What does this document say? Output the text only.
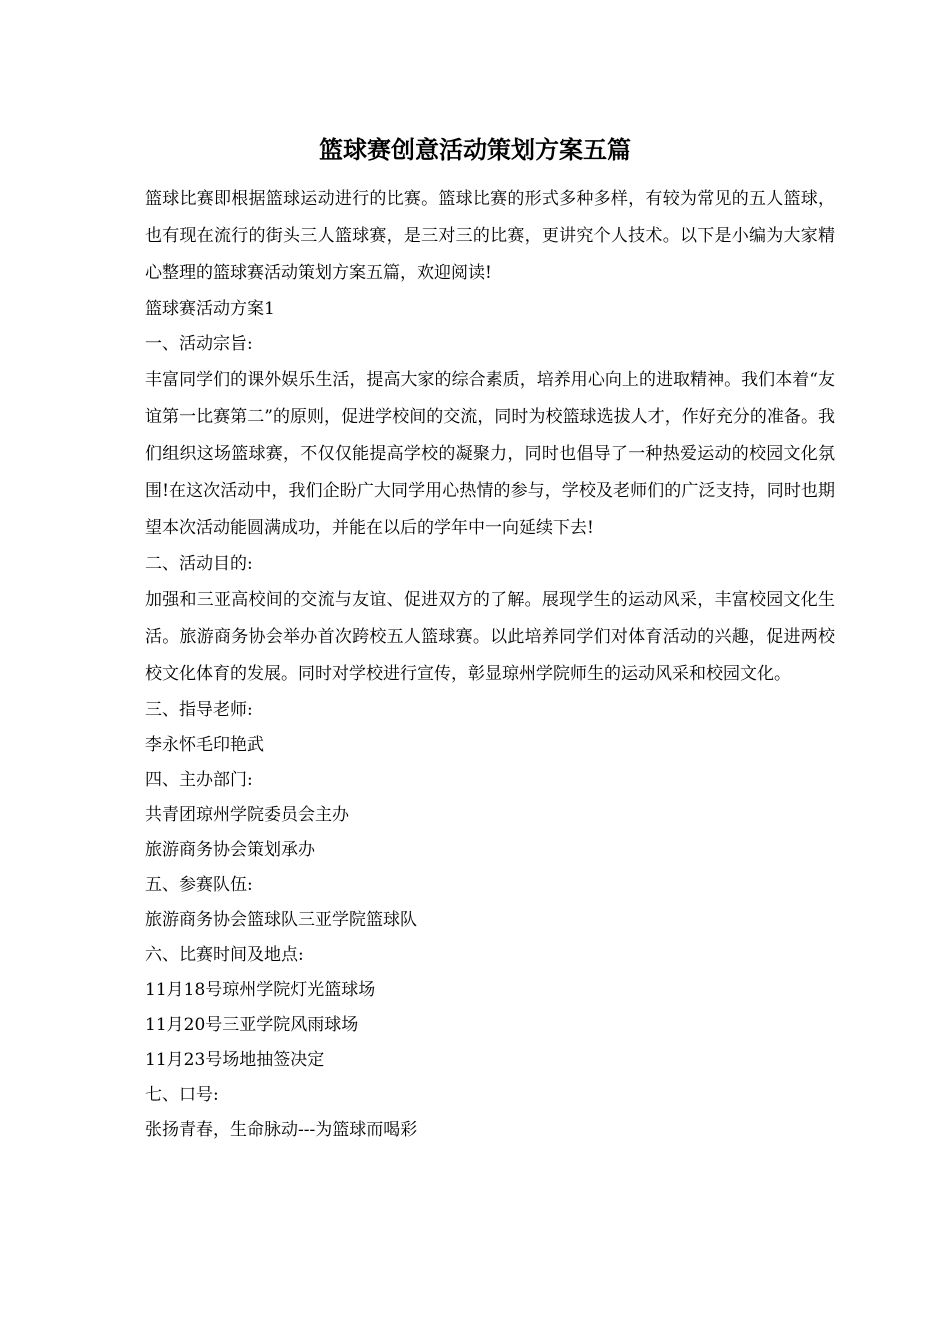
篮球赛创意活动策划方案五篇

篮球比赛即根据篮球运动进行的比赛。篮球比赛的形式多种多样，有较为常见的五人篮球，也有现在流行的街头三人篮球赛，是三对三的比赛，更讲究个人技术。以下是小编为大家精心整理的篮球赛活动策划方案五篇，欢迎阅读!

篮球赛活动方案1

一、活动宗旨:

丰富同学们的课外娱乐生活，提高大家的综合素质，培养用心向上的进取精神。我们本着“友谊第一比赛第二”的原则，促进学校间的交流，同时为校篮球选拔人才，作好充分的准备。我们组织这场篮球赛，不仅仅能提高学校的凝聚力，同时也倡导了一种热爱运动的校园文化氛围!在这次活动中，我们企盼广大同学用心热情的参与，学校及老师们的广泛支持，同时也期望本次活动能圆满成功，并能在以后的学年中一向延续下去!

二、活动目的:

加强和三亚高校间的交流与友谊、促进双方的了解。展现学生的运动风采，丰富校园文化生活。旅游商务协会举办首次跨校五人篮球赛。以此培养同学们对体育活动的兴趣，促进两校校文化体育的发展。同时对学校进行宣传，彰显琼州学院师生的运动风采和校园文化。

三、指导老师:

李永怀毛印艳武

四、主办部门:

共青团琼州学院委员会主办

旅游商务协会策划承办

五、参赛队伍:

旅游商务协会篮球队三亚学院篮球队

六、比赛时间及地点:

11月18号琼州学院灯光篮球场

11月20号三亚学院风雨球场

11月23号场地抽签决定

七、口号:

张扬青春，生命脉动---为篮球而喝彩
